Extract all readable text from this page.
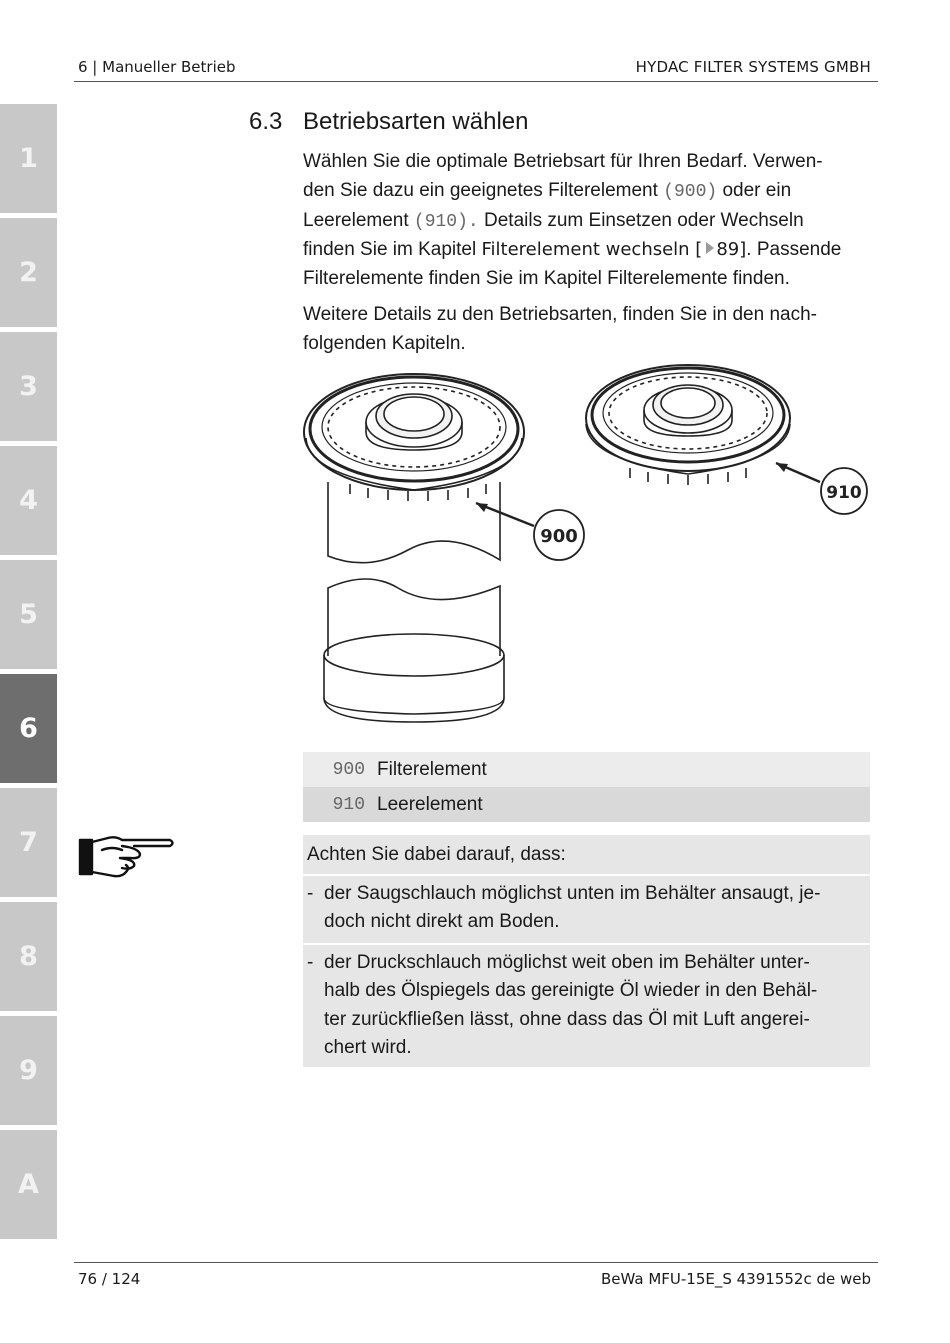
6 | Manueller Betrieb	HYDAC FILTER SYSTEMS GMBH
1
2
3
4
5
6
7
8
9
A
6.3 Betriebsarten wählen
Wählen Sie die optimale Betriebsart für Ihren Bedarf. Verwen-
den Sie dazu ein geeignetes Filterelement (900) oder ein
Leerelement (910). Details zum Einsetzen oder Wechseln
finden Sie im Kapitel Filterelement wechseln [ 89]. Passende
Filterelemente finden Sie im Kapitel Filterelemente finden.
Weitere Details zu den Betriebsarten, finden Sie in den nach-
folgenden Kapiteln.
900
910
900 Filterelement
910 Leerelement
Achten Sie dabei darauf, dass:
- der Saugschlauch möglichst unten im Behälter ansaugt, je-
doch nicht direkt am Boden.
- der Druckschlauch möglichst weit oben im Behälter unter-
halb des Ölspiegels das gereinigte Öl wieder in den Behäl-
ter zurückfließen lässt, ohne dass das Öl mit Luft angerei-
chert wird.
76 / 124	BeWa MFU-15E_S 4391552c de web
